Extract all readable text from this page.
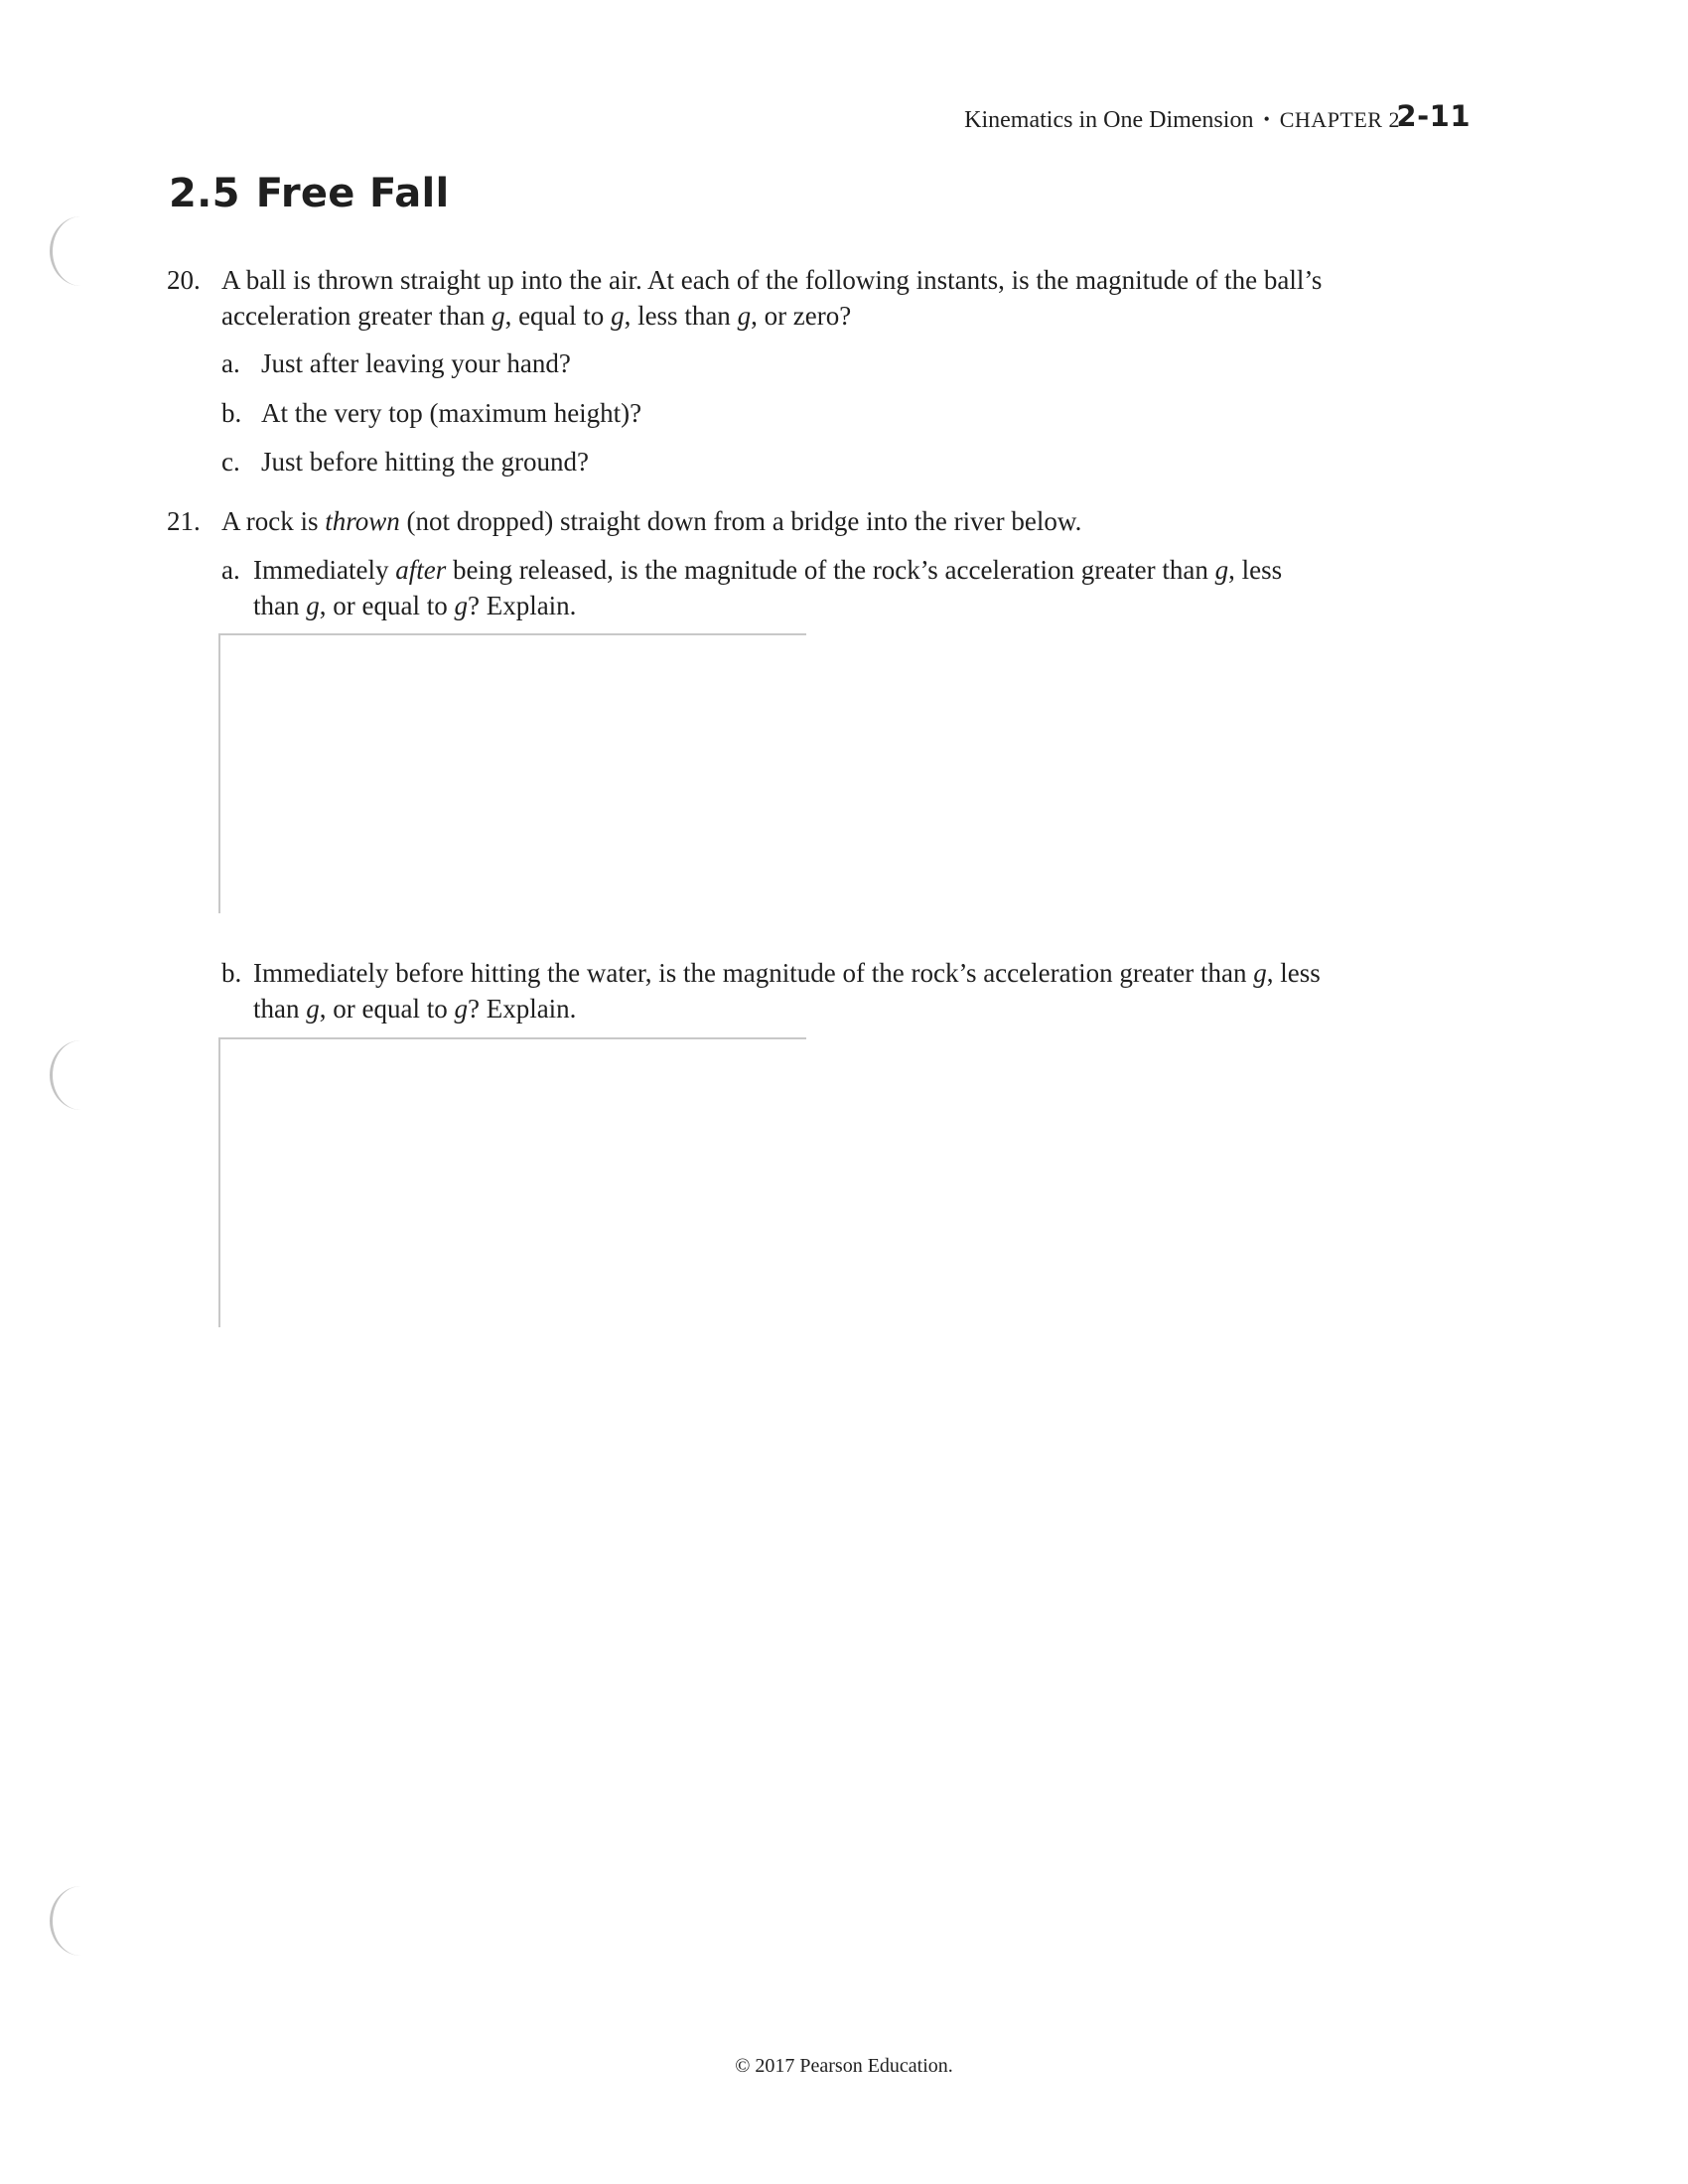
Kinematics in One Dimension • CHAPTER 2
2-11
2.5 Free Fall
20. A ball is thrown straight up into the air. At each of the following instants, is the magnitude of the ball’s
acceleration greater than g, equal to g, less than g, or zero?
a. Just after leaving your hand?
b. At the very top (maximum height)?
c. Just before hitting the ground?
21. A rock is thrown (not dropped) straight down from a bridge into the river below.
a. Immediately after being released, is the magnitude of the rock’s acceleration greater than g, less
than g, or equal to g? Explain.
b. Immediately before hitting the water, is the magnitude of the rock’s acceleration greater than g, less
than g, or equal to g? Explain.
© 2017 Pearson Education.
